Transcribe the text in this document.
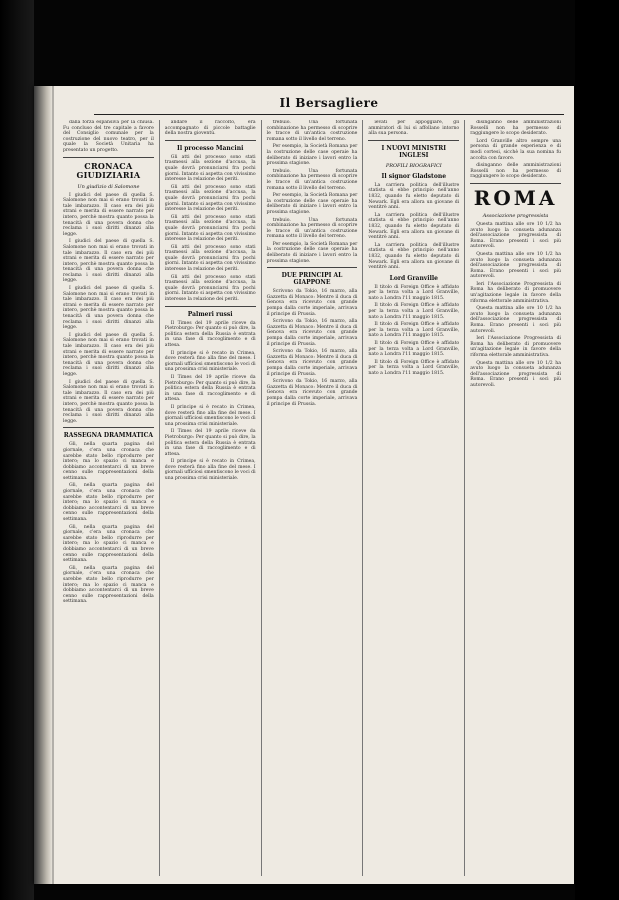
Il Bersagliere

dalla forza espansiva per la chiusa. Fu concluso del tre capitale a favore del Consiglio comunale per la costruzione del nuovo teatro, per il quale la Società Unitaria ha presentato un progetto.

CRONACA GIUDIZIARIA
Un giudizio di Salomone

I giudici del paese di quella S. Salomone non mai si erano trovati in tale imbarazzo. Il caso era dei più strani e merita di essere narrato per intero, perchè mostra quanto possa la tenacità di una povera donna che reclama i suoi diritti dinanzi alla legge.

I giudici del paese di quella S. Salomone non mai si erano trovati in tale imbarazzo. Il caso era dei più strani e merita di essere narrato per intero, perchè mostra quanto possa la tenacità di una povera donna che reclama i suoi diritti dinanzi alla legge.

I giudici del paese di quella S. Salomone non mai si erano trovati in tale imbarazzo. Il caso era dei più strani e merita di essere narrato per intero, perchè mostra quanto possa la tenacità di una povera donna che reclama i suoi diritti dinanzi alla legge.

I giudici del paese di quella S. Salomone non mai si erano trovati in tale imbarazzo. Il caso era dei più strani e merita di essere narrato per intero, perchè mostra quanto possa la tenacità di una povera donna che reclama i suoi diritti dinanzi alla legge.

I giudici del paese di quella S. Salomone non mai si erano trovati in tale imbarazzo. Il caso era dei più strani e merita di essere narrato per intero, perchè mostra quanto possa la tenacità di una povera donna che reclama i suoi diritti dinanzi alla legge.

RASSEGNA DRAMMATICA

Gli, nella quarta pagina del giornale, c'era una cronaca che sarebbe stato bello riprodurre per intero; ma lo spazio ci manca e dobbiamo accontentarci di un breve cenno sulle rappresentazioni della settimana.

Gli, nella quarta pagina del giornale, c'era una cronaca che sarebbe stato bello riprodurre per intero; ma lo spazio ci manca e dobbiamo accontentarci di un breve cenno sulle rappresentazioni della settimana.

Gli, nella quarta pagina del giornale, c'era una cronaca che sarebbe stato bello riprodurre per intero; ma lo spazio ci manca e dobbiamo accontentarci di un breve cenno sulle rappresentazioni della settimana.

Gli, nella quarta pagina del giornale, c'era una cronaca che sarebbe stato bello riprodurre per intero; ma lo spazio ci manca e dobbiamo accontentarci di un breve cenno sulle rappresentazioni della settimana.

andare il raccolto, era accompagnato di piccole battaglie della nostra gioventù.

Il processo Mancini

Gli atti del processo sono stati trasmessi alla sezione d'accusa, la quale dovrà pronunciarsi fra pochi giorni. Intanto si aspetta con vivissimo interesse la relazione dei periti.

Gli atti del processo sono stati trasmessi alla sezione d'accusa, la quale dovrà pronunciarsi fra pochi giorni. Intanto si aspetta con vivissimo interesse la relazione dei periti.

Gli atti del processo sono stati trasmessi alla sezione d'accusa, la quale dovrà pronunciarsi fra pochi giorni. Intanto si aspetta con vivissimo interesse la relazione dei periti.

Gli atti del processo sono stati trasmessi alla sezione d'accusa, la quale dovrà pronunciarsi fra pochi giorni. Intanto si aspetta con vivissimo interesse la relazione dei periti.

Gli atti del processo sono stati trasmessi alla sezione d'accusa, la quale dovrà pronunciarsi fra pochi giorni. Intanto si aspetta con vivissimo interesse la relazione dei periti.

Palmeri russi

Il Times del 19 aprile riceve da Pietroburgo: Per quanto si può dire, la politica estera della Russia è entrata in una fase di raccoglimento e di attesa.

Il principe si è recato in Crimea, dove resterà fino alla fine del mese. I giornali ufficiosi smentiscono le voci di una prossima crisi ministeriale.

Il Times del 19 aprile riceve da Pietroburgo: Per quanto si può dire, la politica estera della Russia è entrata in una fase di raccoglimento e di attesa.

Il principe si è recato in Crimea, dove resterà fino alla fine del mese. I giornali ufficiosi smentiscono le voci di una prossima crisi ministeriale.

Il Times del 19 aprile riceve da Pietroburgo: Per quanto si può dire, la politica estera della Russia è entrata in una fase di raccoglimento e di attesa.

Il principe si è recato in Crimea, dove resterà fino alla fine del mese. I giornali ufficiosi smentiscono le voci di una prossima crisi ministeriale.

trebuio. Una fortunata combinazione ha permesso di scoprire le tracce di un'antica costruzione romana sotto il livello del terreno.

Per esempio, la Società Romana per la costruzione delle case operaie ha deliberato di iniziare i lavori entro la prossima stagione.

trebuio. Una fortunata combinazione ha permesso di scoprire le tracce di un'antica costruzione romana sotto il livello del terreno.

Per esempio, la Società Romana per la costruzione delle case operaie ha deliberato di iniziare i lavori entro la prossima stagione.

trebuio. Una fortunata combinazione ha permesso di scoprire le tracce di un'antica costruzione romana sotto il livello del terreno.

Per esempio, la Società Romana per la costruzione delle case operaie ha deliberato di iniziare i lavori entro la prossima stagione.

DUE PRINCIPI AL GIAPPONE

Scrivono da Tokio, 16 marzo, alla Gazzetta di Monaco: Mentre il duca di Genova era ricevuto con grande pompa dalla corte imperiale, arrivava il principe di Prussia.

Scrivono da Tokio, 16 marzo, alla Gazzetta di Monaco: Mentre il duca di Genova era ricevuto con grande pompa dalla corte imperiale, arrivava il principe di Prussia.

Scrivono da Tokio, 16 marzo, alla Gazzetta di Monaco: Mentre il duca di Genova era ricevuto con grande pompa dalla corte imperiale, arrivava il principe di Prussia.

Scrivono da Tokio, 16 marzo, alla Gazzetta di Monaco: Mentre il duca di Genova era ricevuto con grande pompa dalla corte imperiale, arrivava il principe di Prussia.

ievati per appoggiare, gli ammiratori di lui si affollano intorno alla sua persona.

I NUOVI MINISTRI INGLESI
PROFILI BIOGRAFICI
Il signor Gladstone

La carriera politica dell'illustre statista si ebbe principio nell'anno 1832, quando fu eletto deputato di Newark. Egli era allora un giovane di ventitrè anni.

La carriera politica dell'illustre statista si ebbe principio nell'anno 1832, quando fu eletto deputato di Newark. Egli era allora un giovane di ventitrè anni.

La carriera politica dell'illustre statista si ebbe principio nell'anno 1832, quando fu eletto deputato di Newark. Egli era allora un giovane di ventitrè anni.

Lord Granville

Il titolo di Foreign Office è affidato per la terza volta a Lord Granville, nato a Londra l'11 maggio 1815.

Il titolo di Foreign Office è affidato per la terza volta a Lord Granville, nato a Londra l'11 maggio 1815.

Il titolo di Foreign Office è affidato per la terza volta a Lord Granville, nato a Londra l'11 maggio 1815.

Il titolo di Foreign Office è affidato per la terza volta a Lord Granville, nato a Londra l'11 maggio 1815.

Il titolo di Foreign Office è affidato per la terza volta a Lord Granville, nato a Londra l'11 maggio 1815.

disinganno delle amministrazioni Rosselli non ha permesso di raggiungere lo scopo desiderato.

Lord Granville altro sempre una persona di grande esperienza e di modi cortesi, sicchè la sua nomina fu accolta con favore.

disinganno delle amministrazioni Rosselli non ha permesso di raggiungere lo scopo desiderato.

ROMA
Associazione progressista

Questa mattina alle ore 10 1/2 ha avuto luogo la consueta adunanza dell'associazione progressista di Roma. Erano presenti i soci più autorevoli.

Questa mattina alle ore 10 1/2 ha avuto luogo la consueta adunanza dell'associazione progressista di Roma. Erano presenti i soci più autorevoli.

Ieri l'Associazione Progressista di Roma ha deliberato di promuovere un'agitazione legale in favore della riforma elettorale amministrativa.

Questa mattina alle ore 10 1/2 ha avuto luogo la consueta adunanza dell'associazione progressista di Roma. Erano presenti i soci più autorevoli.

Ieri l'Associazione Progressista di Roma ha deliberato di promuovere un'agitazione legale in favore della riforma elettorale amministrativa.

Questa mattina alle ore 10 1/2 ha avuto luogo la consueta adunanza dell'associazione progressista di Roma. Erano presenti i soci più autorevoli.
